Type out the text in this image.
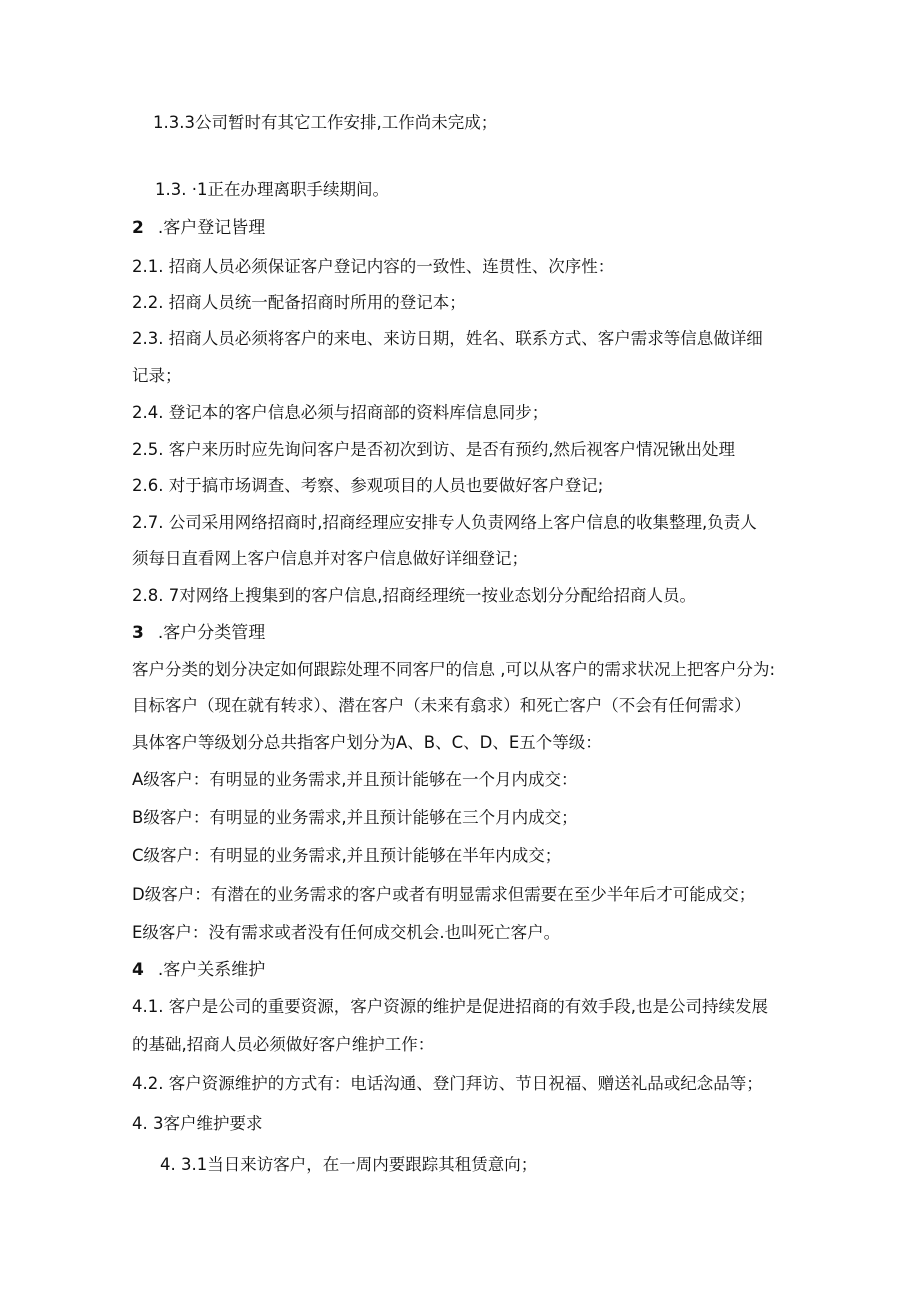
1.3.3公司暂时有其它工作安排,工作尚未完成；
1.3. ·1正在办理离职手续期间。
2 .客户登记皆理
2.1. 招商人员必须保证客户登记内容的一致性、连贯性、次序性：
2.2. 招商人员统一配备招商时所用的登记本；
2.3. 招商人员必须将客户的来电、来访日期，姓名、联系方式、客户需求等信息做详细
记录；
2.4. 登记本的客户信息必须与招商部的资料库信息同步；
2.5. 客户来历时应先询问客户是否初次到访、是否有预约,然后视客户情况锹出处理
2.6. 对于搞市场调查、考察、参观项目的人员也要做好客户登记;
2.7. 公司采用网络招商时,招商经理应安排专人负责网络上客户信息的收集整理,负责人
须每日直看网上客户信息并对客户信息做好详细登记；
2.8. 7对网络上搜集到的客户信息,招商经理统一按业态划分分配给招商人员。
3 .客户分类管理
客户分类的划分决定如何跟踪处理不同客尸的信息 ,可以从客户的需求状况上把客户分为:
目标客户（现在就有转求）、潜在客户（未来有翕求）和死亡客户（不会有任何需求）
具体客户等级划分总共指客户划分为A、B、C、D、E五个等级：
A级客户：有明显的业务需求,并且预计能够在一个月内成交：
B级客户：有明显的业务需求,并且预计能够在三个月内成交；
C级客户：有明显的业务需求,并且预计能够在半年内成交；
D级客户：有潜在的业务需求的客户或者有明显需求但需要在至少半年后才可能成交；
E级客户：没有需求或者没有任何成交机会.也叫死亡客户。
4 .客户关系维护
4.1. 客户是公司的重要资源，客户资源的维护是促进招商的有效手段,也是公司持续发展
的基础,招商人员必须做好客户维护工作：
4.2. 客户资源维护的方式有：电话沟通、登门拜访、节日祝福、赠送礼品或纪念品等；
4. 3客户维护要求
4. 3.1当日来访客户，在一周内要跟踪其租赁意向；
